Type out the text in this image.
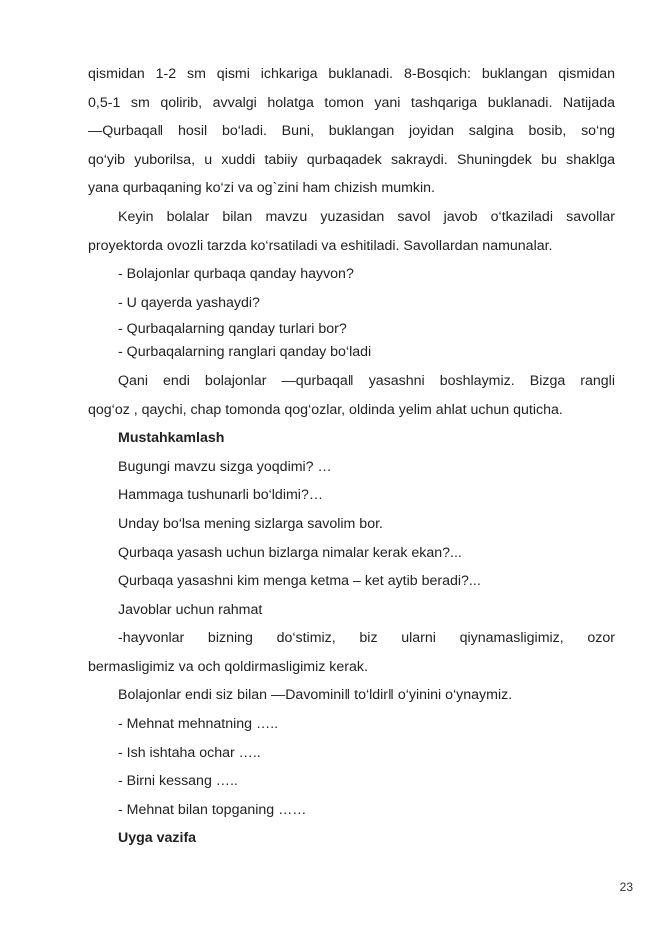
qismidan 1-2 sm qismi ichkariga buklanadi. 8-Bosqich: buklangan qismidan
0,5-1 sm qolirib, avvalgi holatga tomon yani tashqariga buklanadi. Natijada
―Qurbaqa‖ hosil bo‘ladi. Buni, buklangan joyidan salgina bosib, so‘ng
qo‘yib yuborilsa, u xuddi tabiiy qurbaqadek sakraydi. Shuningdek bu shaklga
yana qurbaqaning ko‘zi va og`zini ham chizish mumkin.
Keyin bolalar bilan mavzu yuzasidan savol javob o‘tkaziladi savollar
proyektorda ovozli tarzda ko‘rsatiladi va eshitiladi. Savollardan namunalar.
- Bolajonlar qurbaqa qanday hayvon?
- U qayerda yashaydi?
- Qurbaqalarning qanday turlari bor?
- Qurbaqalarning ranglari qanday bo‘ladi
Qani endi bolajonlar ―qurbaqa‖ yasashni boshlaymiz. Bizga rangli
qog‘oz , qaychi, chap tomonda qog‘ozlar, oldinda yelim ahlat uchun quticha.
Mustahkamlash
Bugungi mavzu sizga yoqdimi? …
Hammaga tushunarli bo‘ldimi?…
Unday bo‘lsa mening sizlarga savolim bor.
Qurbaqa yasash uchun bizlarga nimalar kerak ekan?...
Qurbaqa yasashni kim menga ketma – ket aytib beradi?...
Javoblar uchun rahmat
-hayvonlar bizning do‘stimiz, biz ularni qiynamasligimiz, ozor
bermasligimiz va och qoldirmasligimiz kerak.
Bolajonlar endi siz bilan ―Davomini‖ to‘ldir‖ o‘yinini o‘ynaymiz.
- Mehnat mehnatning …..
- Ish ishtaha ochar …..
- Birni kessang …..
- Mehnat bilan topganing ……
Uyga vazifa
23
